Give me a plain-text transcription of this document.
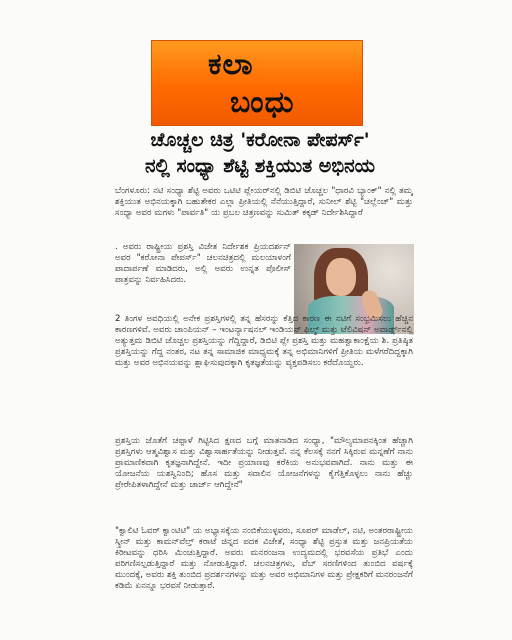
ಕಲಾ
ಬಂಧು
ಚೊಚ್ಚಲ ಚಿತ್ರ 'ಕರೋನಾ ಪೇಪರ್ಸ್'
ನಲ್ಲಿ ಸಂಧ್ಯಾ ಶೆಟ್ಟಿ ಶಕ್ತಿಯುತ ಅಭಿನಯ
ಬೆಂಗಳೂರು: ನಟಿ ಸಂಧ್ಯಾ ಶೆಟ್ಟಿ ಅವರು ಒಟಿಟಿ ಪ್ಲೇಯರ್‌ನಲ್ಲಿ ಡಿಬಿಟಿ ಚೊಚ್ಚಲ "ಧಾರವಿ ಬ್ಯಾಂಕ್" ನಲ್ಲಿ ತಮ್ಮ ಶಕ್ತಿಯುತ ಅಭಿನಯಕ್ಕಾಗಿ ಬಹುತೇಕರ ಎಲ್ಲಾ ಪ್ರೀತಿಯಲ್ಲಿ ನೆನೆಯುತ್ತಿದ್ದಾರೆ, ಸುನೀಲ್ ಶೆಟ್ಟಿ "ಚಲ್ಲೆಂಜ್" ಮತ್ತು ಸಂಧ್ಯಾ ಅವರ ಮಗಳು "ಪಾರ್ವತಿ" ಯ ಪ್ರಬಲ ಚಿತ್ರಣವನ್ನು ಸುಮಿತ್ ಕಕ್ಕಡ್ ನಿರ್ದೇಶಿಸಿದ್ದಾರೆ
. ಅವರು ರಾಷ್ಟ್ರೀಯ ಪ್ರಶಸ್ತಿ ವಿಜೇತ ನಿರ್ದೇಶಕ ಪ್ರಿಯದರ್ಶನ್ ಅವರ "ಕರೋನಾ ಪೇಪರ್ಸ್" ಚಲನಚಿತ್ರದಲ್ಲಿ ಮಲಯಾಳಂಗೆ ಪಾದಾರ್ಪಣೆ ಮಾಡಿದರು, ಅಲ್ಲಿ ಅವರು ಉನ್ನತ ಪೊಲೀಸ್ ಪಾತ್ರವನ್ನು ನಿರ್ವಹಿಸಿದರು.
2 ತಿಂಗಳ ಅವಧಿಯಲ್ಲಿ ಅನೇಕ ಪ್ರಶಸ್ತಿಗಳಲ್ಲಿ ತನ್ನ ಹೆಸರನ್ನು ಕೆತ್ತಿದ ಕಾರಣ ಈ ನಟಿಗೆ ಸಂಭ್ರಮಿಸಲು ಹೆಚ್ಚಿನ ಕಾರಣಗಳಿವೆ. ಅವರು ಚಾಂಪಿಯನ್ – ಇಂಟರ್ನ್ಯಾಷನಲ್ ಇಂಡಿಯನ್ ಫಿಲ್ಮ್ ಮತ್ತು ಟೆಲಿವಿಷನ್ ಅವಾರ್ಡ್ಸ್‌ನಲ್ಲಿ ಅತ್ಯುತ್ತಮ ಡಿಬಿಟಿ ಚೊಚ್ಚಲ ಪ್ರಶಸ್ತಿಯನ್ನು ಗೆದ್ದಿದ್ದಾರೆ, ಡಿಬಿಟಿ ಪ್ಲೇ ಪ್ರಶಸ್ತಿ ಮತ್ತು ಮಹತ್ವಾಕಾಂಕ್ಷೆಯ ಶಿ. ಪ್ರತಿಷ್ಠಿತ ಪ್ರಶಸ್ತಿಯನ್ನು ಗೆದ್ದ ನಂತರ, ನಟ ತನ್ನ ಸಾಮಾಜಿಕ ಮಾಧ್ಯಮಕ್ಕೆ ತನ್ನ ಅಭಿಮಾನಿಗಳಿಗೆ ಪ್ರೀತಿಯ ಮಳೆಗರೆದಿದ್ದಕ್ಕಾಗಿ ಮತ್ತು ಅವರ ಅಭಿನಯವನ್ನು ಶ್ಲಾಘಿಸುವುದಕ್ಕಾಗಿ ಕೃತಜ್ಞತೆಯನ್ನು ವ್ಯಕ್ತಪಡಿಸಲು ಕರೆದೊಯ್ದರು.
ಪ್ರಶಸ್ತಿಯ ಜೊತೆಗೆ ಚಪ್ಪಾಳೆ ಗಿಟ್ಟಿಸಿದ ಕ್ಷಣದ ಬಗ್ಗೆ ಮಾತನಾಡಿದ ಸಂಧ್ಯಾ, "ಮೌಲ್ಯಮಾಪನಕ್ಕಿಂತ ಹೆಚ್ಚಾಗಿ ಪ್ರಶಸ್ತಿಗಳು ಆತ್ಮವಿಶ್ವಾಸ ಮತ್ತು ವಿಶ್ವಾಸಾರ್ಹತೆಯನ್ನು ನೀಡುತ್ತವೆ. ನನ್ನ ಕೆಲಸಕ್ಕೆ ನನಗೆ ಸಿಕ್ಕಿರುವ ಮನ್ನಣೆಗೆ ನಾನು ಪ್ರಾಮಾಣಿಕವಾಗಿ ಕೃತಜ್ಞನಾಗಿದ್ದೇನೆ. ಇದೀ ಪ್ರಯಾಣವು ಕರೆಕಿಯ ಅನುಭವವಾಗಿದೆ. ನಾನು ಮತ್ತು ಈ ಯೋಜನೆಯ ಯಶಸ್ವಿನಿಂದಿ; ಹೊಸ ಮತ್ತು ಸವಾಲಿನ ಯೋಜನೆಗಳನ್ನು ಕೈಗೆತ್ತಿಕೊಳ್ಳಲು ನಾನು ಹೆಚ್ಚು ಪ್ರೇರೇಪಿತಳಾಗಿದ್ದೇನೆ ಮತ್ತು ಚಾರ್ಜ್ ಆಗಿದ್ದೇನೆ"
"ಕ್ವಾಲಿಟಿ ಓವರ್ ಕ್ವಾಂಟಿಟಿ" ಯ ಅಭ್ಯಾಸಕ್ಕೆಯ ನಂಬಿಕೆಯುಳ್ಳವರು, ಸೂಪರ್ ಮಾಡೆಲ್, ನಟಿ, ಅಂತರರಾಷ್ಟ್ರೀಯ ಸ್ಕ್ರೀನ್ ಮತ್ತು ಕಾಮನ್‌ವೆಲ್ತ್ ಕರಾಟೆ ಚಿನ್ನದ ಪದಕ ವಿಜೇತೆ, ಸಂಧ್ಯಾ ಶೆಟ್ಟಿ ಪ್ರಸ್ತುತ ಮತ್ತು ಜನಪ್ರಿಯತೆಯ ಕಿರೀಟವನ್ನು ಧರಿಸಿ ಮಿಂಚುತ್ತಿದ್ದಾರೆ. ಅವರು ಮನರಂಜನಾ ಉದ್ಯಮದಲ್ಲಿ ಭರವಸೆಯ ಪ್ರತಿಭೆ ಎಂದು ಪರಿಗಣಿಸಲ್ಪಡುತ್ತಿದ್ದಾರೆ ಮತ್ತು ನೋಡುತ್ತಿದ್ದಾರೆ. ಚಲನಚಿತ್ರಗಳು, ವೆಬ್ ಸರಣಿಗಳಿಂದ ತುಂಬಿದ ವರ್ಷಕ್ಕೆ ಮುಂದಕ್ಕೆ, ಅವರು ಶಕ್ತಿ ತುಂಬಿದ ಪ್ರದರ್ಶನಗಳನ್ನು ಮತ್ತು ಅವರ ಅಭಿಮಾನಿಗಳ ಮತ್ತು ಪ್ರೇಕ್ಷಕರಿಗೆ ಮನರಂಜನೆಗೆ ಕಡಿಮೆ ಏನನ್ನೂ ಭರವಸೆ ನೀಡುತ್ತಾರೆ.
